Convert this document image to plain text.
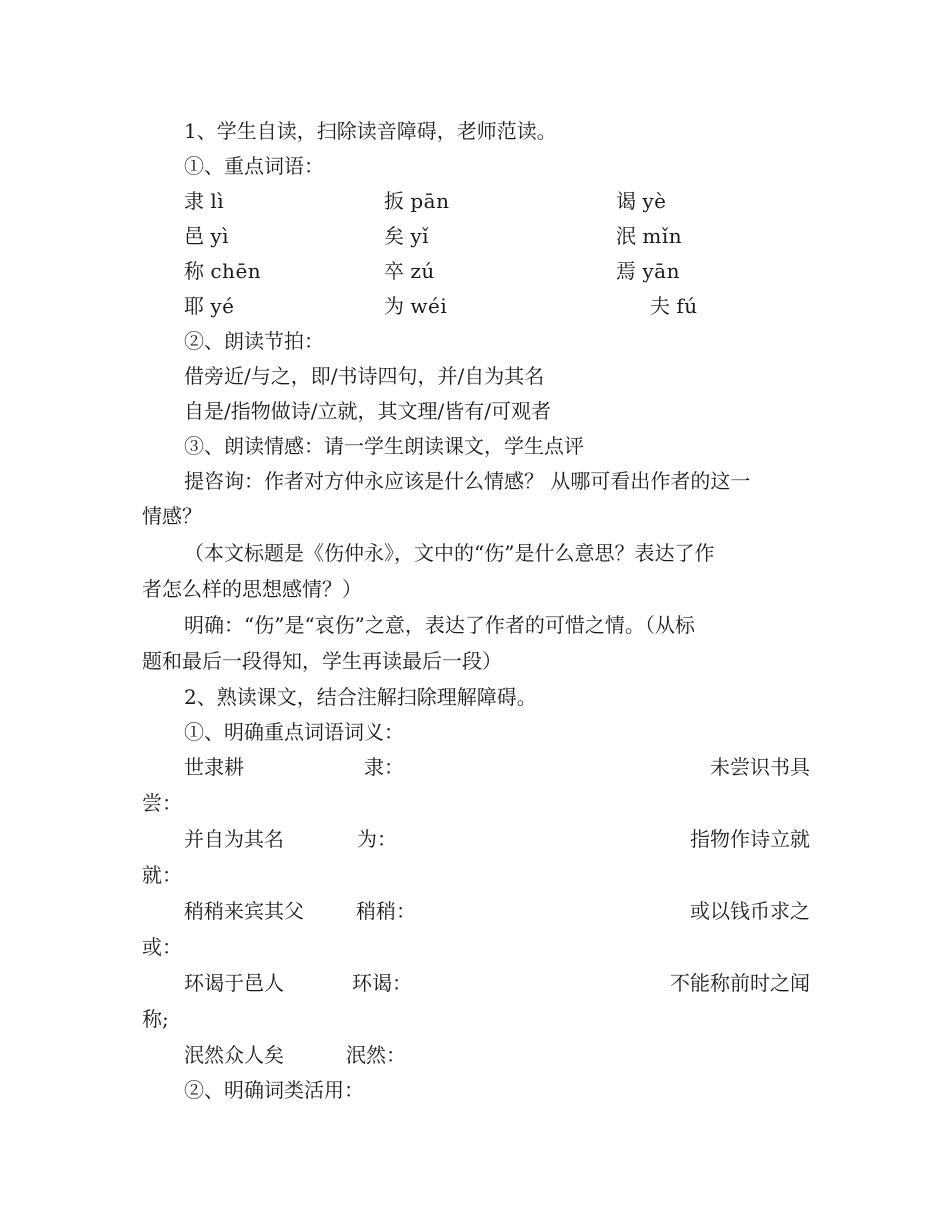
1、学生自读，扫除读音障碍，老师范读。
①、重点词语：
隶 lì	扳 pān	谒 yè
邑 yì	矣 yǐ	泯 mǐn
称 chēn	卒 zú	焉 yān
耶 yé	为 wéi	夫 fú
②、朗读节拍：
借旁近/与之，即/书诗四句，并/自为其名
自是/指物做诗/立就，其文理/皆有/可观者
③、朗读情感：请一学生朗读课文，学生点评
提咨询：作者对方仲永应该是什么情感？ 从哪可看出作者的这一
情感？
（本文标题是《伤仲永》，文中的“伤”是什么意思？表达了作
者怎么样的思想感情？）
明确：“伤”是“哀伤”之意，表达了作者的可惜之情。（从标
题和最后一段得知，学生再读最后一段）
2、熟读课文，结合注解扫除理解障碍。
①、明确重点词语词义：
世隶耕	隶：	未尝识书具
尝：
并自为其名	为：	指物作诗立就
就：
稍稍来宾其父	稍稍：	或以钱币求之
或：
环谒于邑人	环谒：	不能称前时之闻
称;
泯然众人矣	泯然：
②、明确词类活用：
